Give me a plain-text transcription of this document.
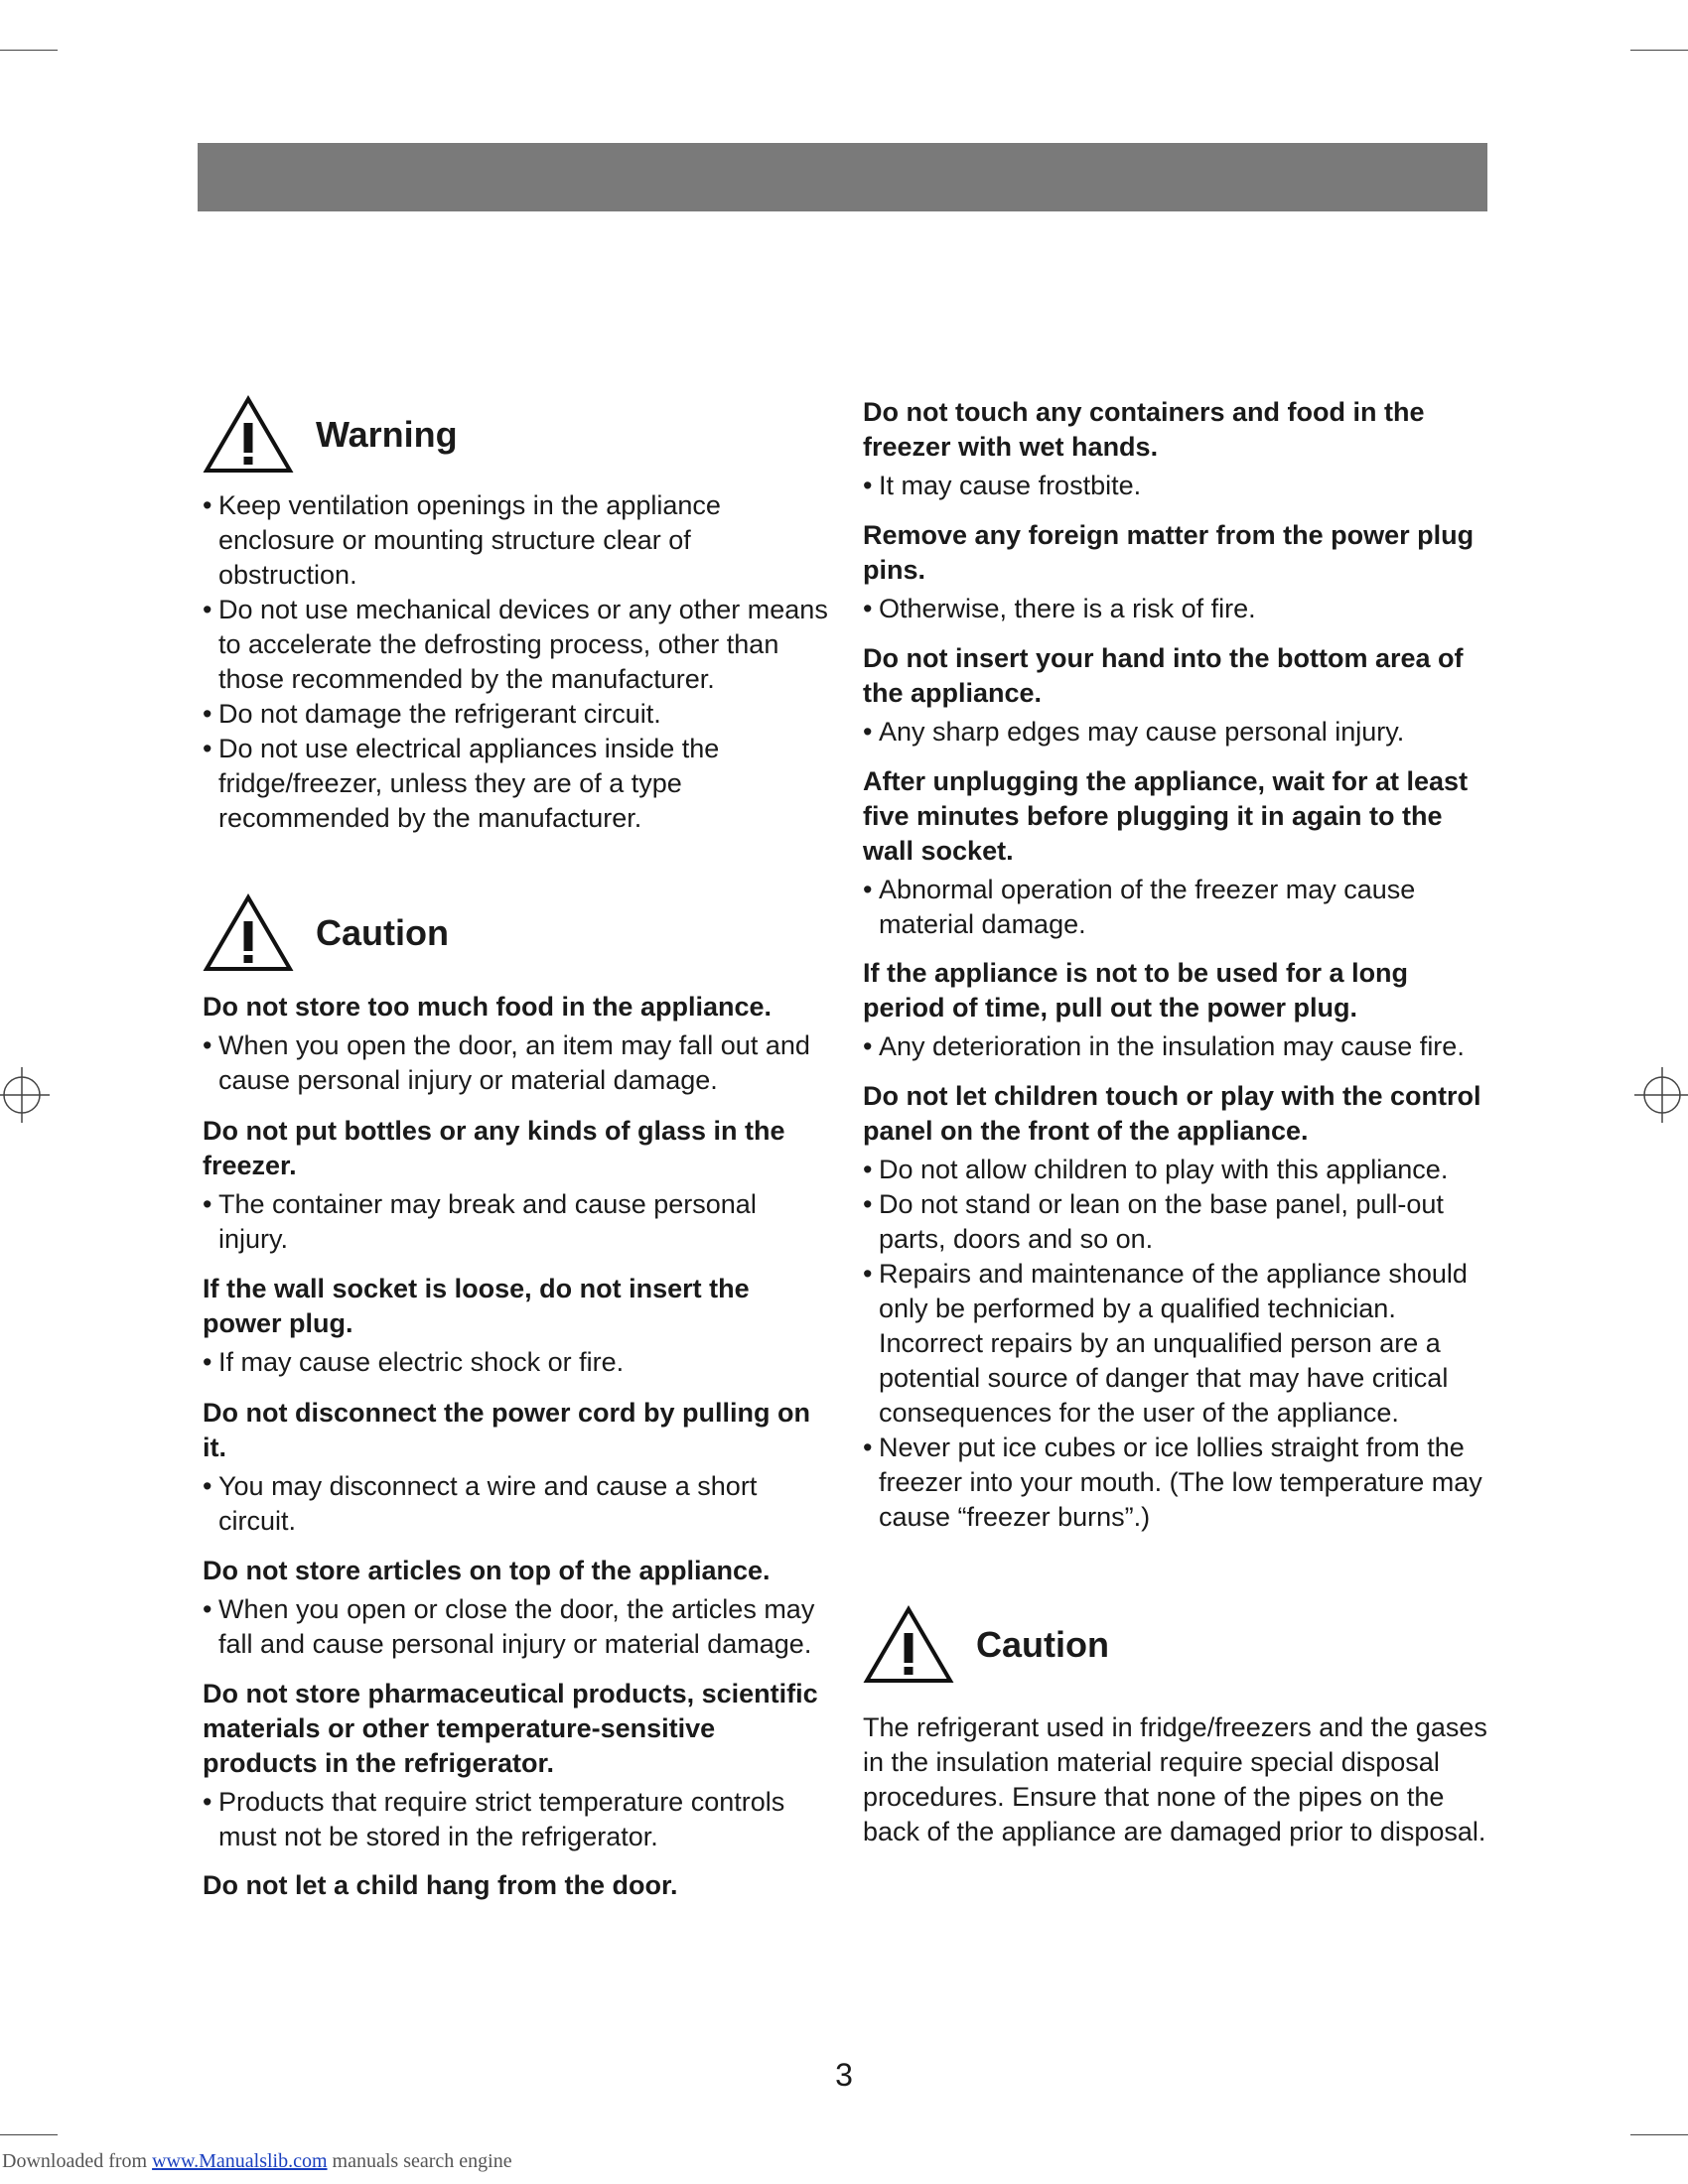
Warning
• Keep ventilation openings in the appliance enclosure or mounting structure clear of obstruction.
• Do not use mechanical devices or any other means to accelerate the defrosting process, other than those recommended by the manufacturer.
• Do not damage the refrigerant circuit.
• Do not use electrical appliances inside the fridge/freezer, unless they are of a type recommended by the manufacturer.
Caution

Do not store too much food in the appliance.

• When you open the door, an item may fall out and cause personal injury or material damage.

Do not put bottles or any kinds of glass in the freezer.

• The container may break and cause personal injury.

If the wall socket is loose, do not insert the power plug.

• If may cause electric shock or fire.

Do not disconnect the power cord by pulling on it.

• You may disconnect a wire and cause a short circuit.

Do not store articles on top of the appliance.

• When you open or close the door, the articles may fall and cause personal injury or material damage.

Do not store pharmaceutical products, scientific materials or other temperature-sensitive products in the refrigerator.

• Products that require strict temperature controls must not be stored in the refrigerator.

Do not let a child hang from the door.

Do not touch any containers and food in the freezer with wet hands.

• It may cause frostbite.

Remove any foreign matter from the power plug pins.

• Otherwise, there is a risk of fire.

Do not insert your hand into the bottom area of the appliance.

• Any sharp edges may cause personal injury.

After unplugging the appliance, wait for at least five minutes before plugging it in again to the wall socket.

• Abnormal operation of the freezer may cause material damage.

If the appliance is not to be used for a long period of time, pull out the power plug.

• Any deterioration in the insulation may cause fire.

Do not let children touch or play with the control panel on the front of the appliance.

• Do not allow children to play with this appliance.
• Do not stand or lean on the base panel, pull-out parts, doors and so on.
• Repairs and maintenance of the appliance should only be performed by a qualified technician. Incorrect repairs by an unqualified person are a potential source of danger that may have critical consequences for the user of the appliance.
• Never put ice cubes or ice lollies straight from the freezer into your mouth. (The low temperature may cause “freezer burns”.)
Caution

The refrigerant used in fridge/freezers and the gases in the insulation material require special disposal procedures. Ensure that none of the pipes on the back of the appliance are damaged prior to disposal.

3
Downloaded from www.Manualslib.com manuals search engine
